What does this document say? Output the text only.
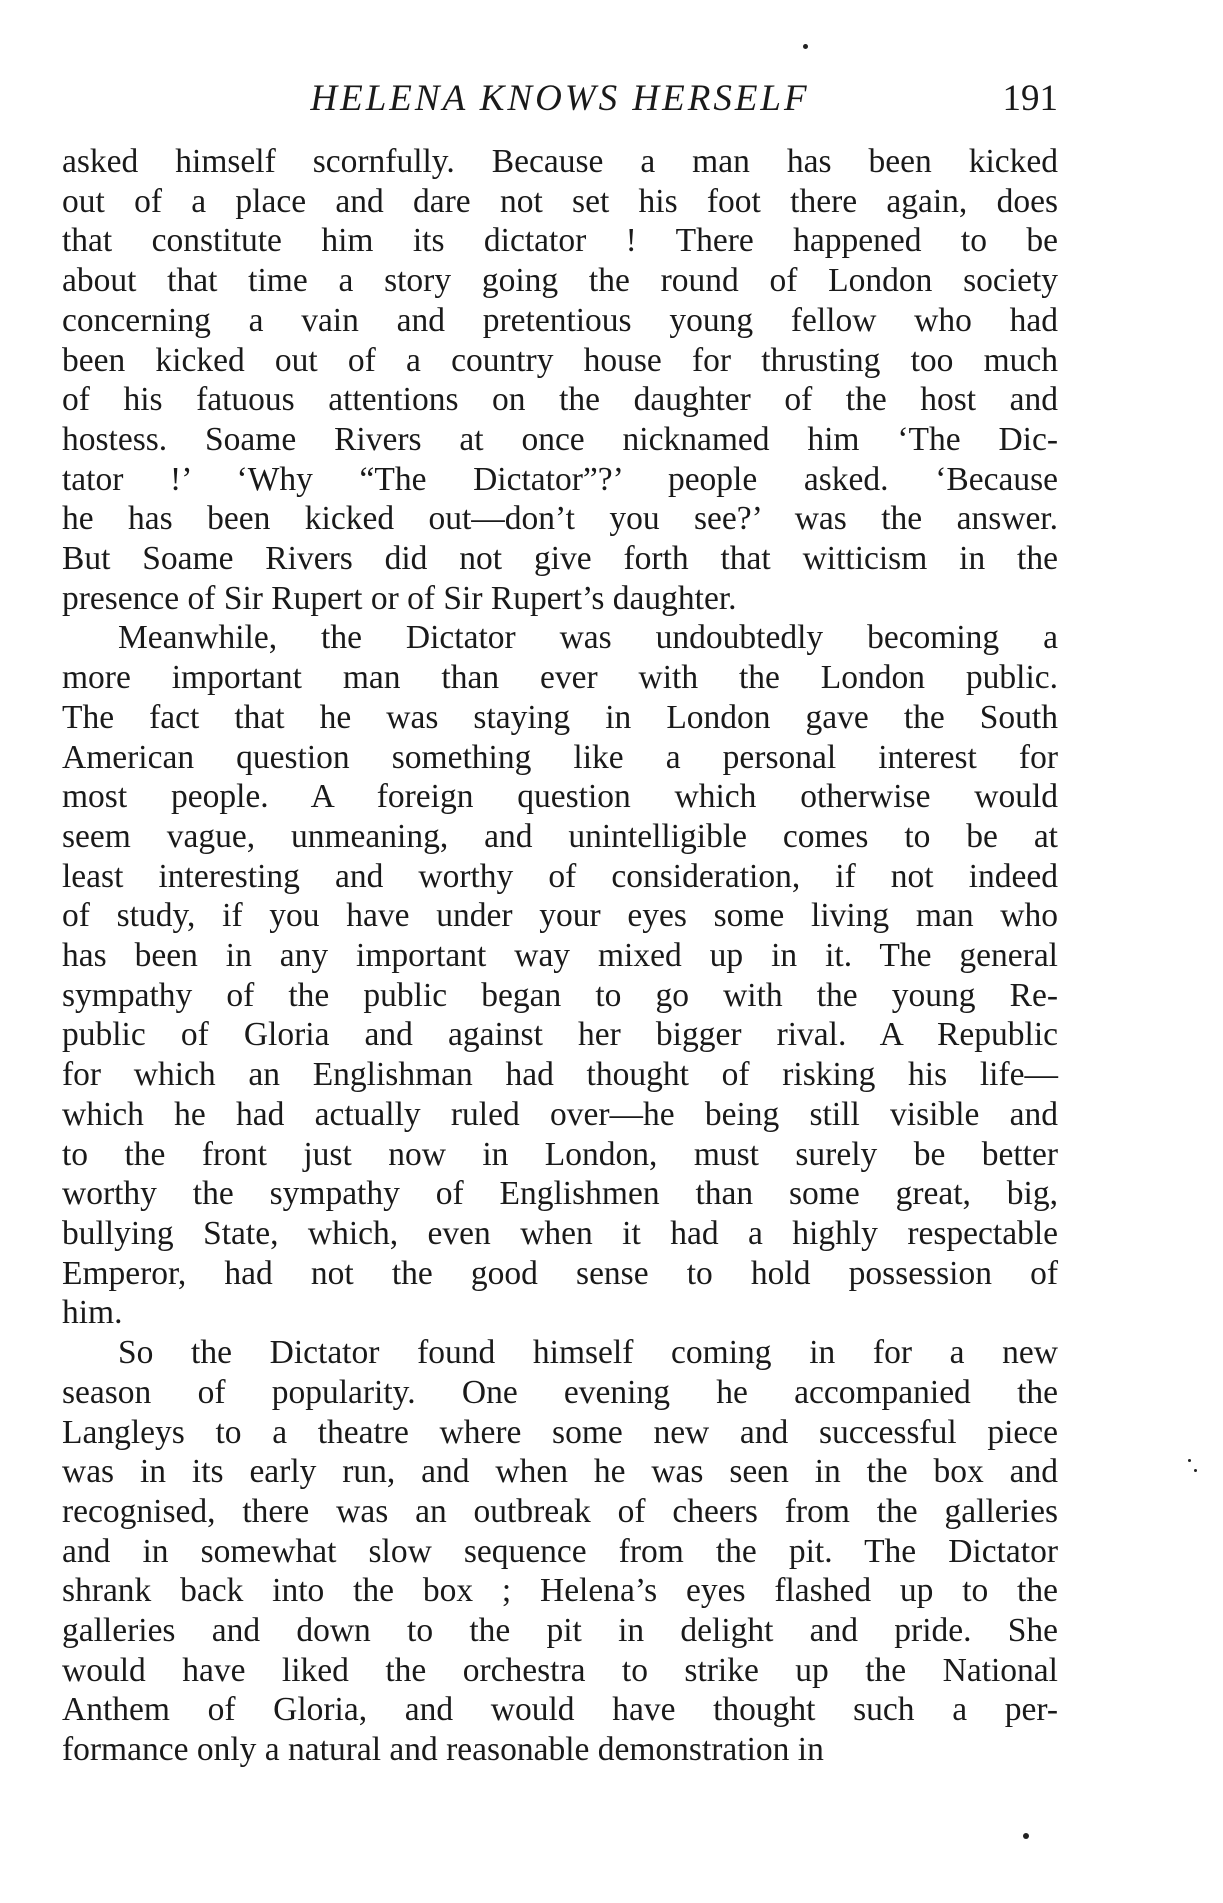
HELENA KNOWS HERSELF	191
asked himself scornfully. Because a man has been kicked
out of a place and dare not set his foot there again, does
that constitute him its dictator ! There happened to be
about that time a story going the round of London society
concerning a vain and pretentious young fellow who had
been kicked out of a country house for thrusting too much
of his fatuous attentions on the daughter of the host and
hostess. Soame Rivers at once nicknamed him ‘The Dic-
tator !’ ‘Why “The Dictator”?’ people asked. ‘Because
he has been kicked out—don’t you see?’ was the answer.
But Soame Rivers did not give forth that witticism in the
presence of Sir Rupert or of Sir Rupert’s daughter.
Meanwhile, the Dictator was undoubtedly becoming a
more important man than ever with the London public.
The fact that he was staying in London gave the South
American question something like a personal interest for
most people. A foreign question which otherwise would
seem vague, unmeaning, and unintelligible comes to be at
least interesting and worthy of consideration, if not indeed
of study, if you have under your eyes some living man who
has been in any important way mixed up in it. The general
sympathy of the public began to go with the young Re-
public of Gloria and against her bigger rival. A Republic
for which an Englishman had thought of risking his life—
which he had actually ruled over—he being still visible and
to the front just now in London, must surely be better
worthy the sympathy of Englishmen than some great, big,
bullying State, which, even when it had a highly respectable
Emperor, had not the good sense to hold possession of
him.
So the Dictator found himself coming in for a new
season of popularity. One evening he accompanied the
Langleys to a theatre where some new and successful piece
was in its early run, and when he was seen in the box and
recognised, there was an outbreak of cheers from the galleries
and in somewhat slow sequence from the pit. The Dictator
shrank back into the box ; Helena’s eyes flashed up to the
galleries and down to the pit in delight and pride. She
would have liked the orchestra to strike up the National
Anthem of Gloria, and would have thought such a per-
formance only a natural and reasonable demonstration in
